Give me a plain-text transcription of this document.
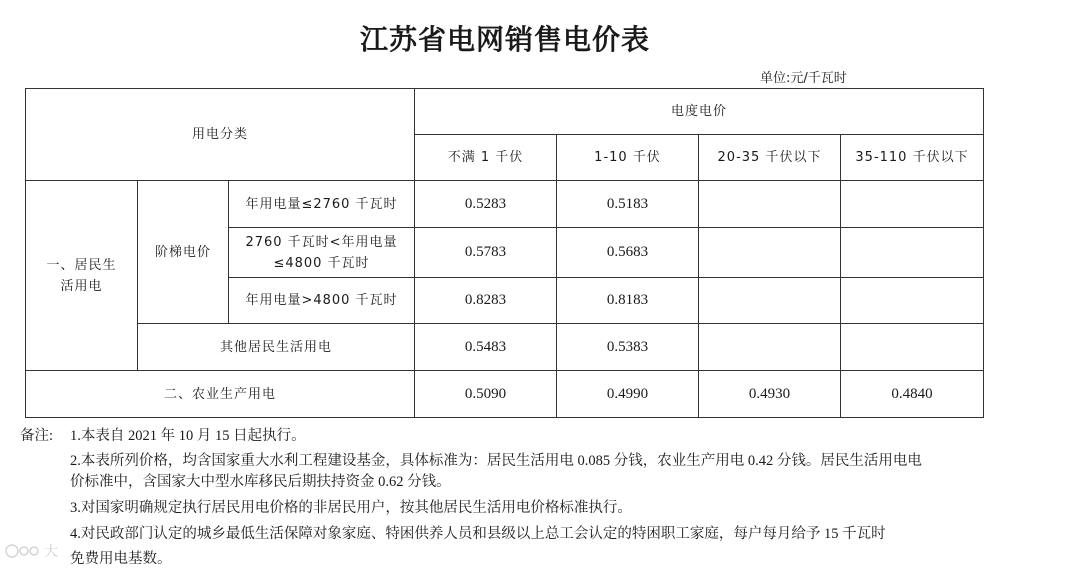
江苏省电网销售电价表
单位:元/千瓦时
用电分类			电度电价			
			不满 1 千伏	1-10 千伏	20-35 千伏以下	35-110 千伏以下
一、居民生活用电	阶梯电价	年用电量≤2760 千瓦时	0.5283	0.5183		
		2760 千瓦时<年用电量≤4800 千瓦时	0.5783	0.5683		
		年用电量>4800 千瓦时	0.8283	0.8183		
	其他居民生活用电		0.5483	0.5383		
二、农业生产用电			0.5090	0.4990	0.4930	0.4840
备注: 1.本表自 2021 年 10 月 15 日起执行。
2.本表所列价格，均含国家重大水利工程建设基金，具体标准为：居民生活用电 0.085 分钱，农业生产用电 0.42 分钱。居民生活用电电
价标准中，含国家大中型水库移民后期扶持资金 0.62 分钱。
3.对国家明确规定执行居民用电价格的非居民用户，按其他居民生活用电价格标准执行。
4.对民政部门认定的城乡最低生活保障对象家庭、特困供养人员和县级以上总工会认定的特困职工家庭，每户每月给予 15 千瓦时
免费用电基数。
大
